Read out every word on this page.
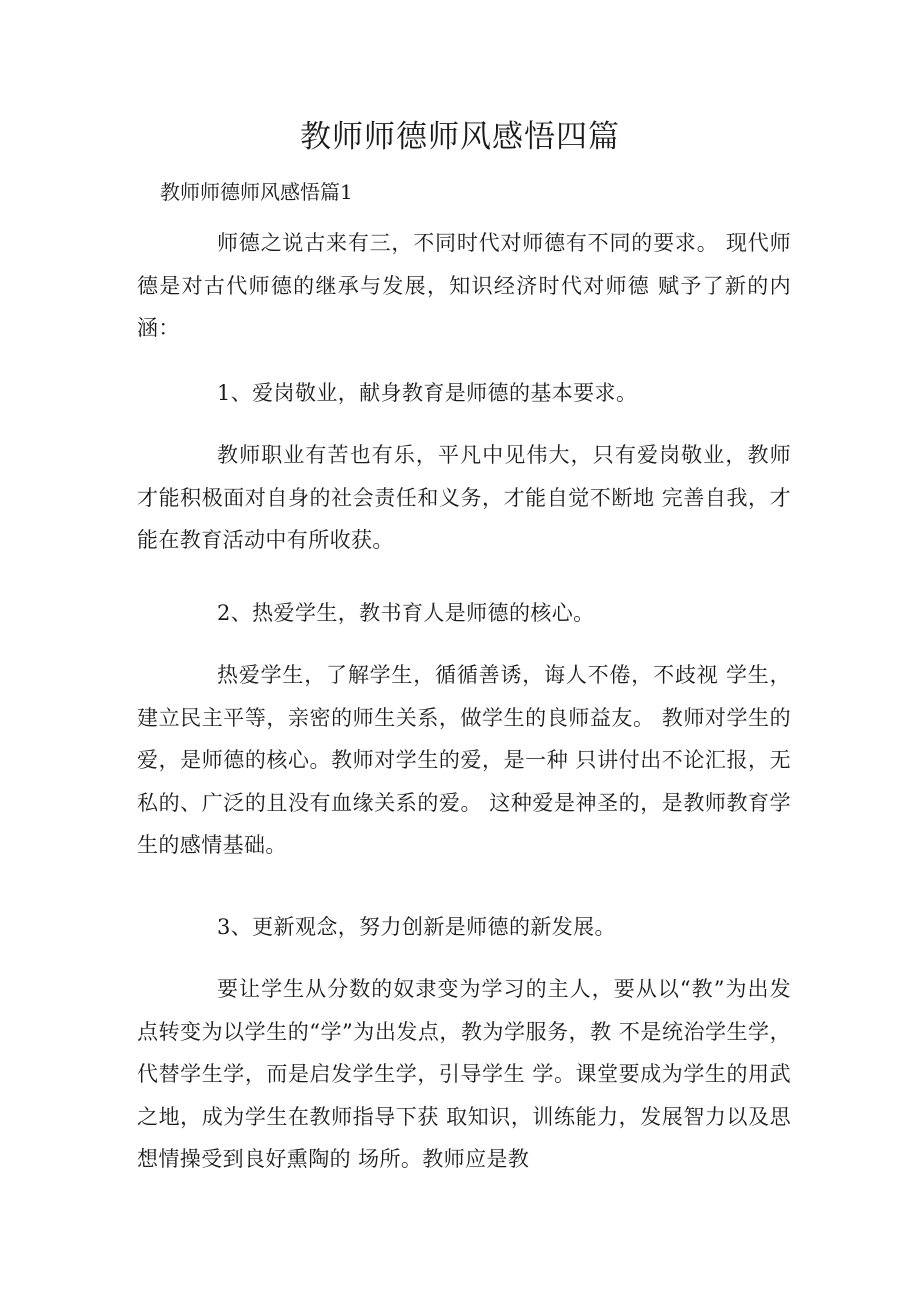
教师师德师风感悟四篇

教师师德师风感悟篇1

师德之说古来有三，不同时代对师德有不同的要求。 现代师德是对古代师德的继承与发展，知识经济时代对师德 赋予了新的内涵：

1、爱岗敬业，献身教育是师德的基本要求。

教师职业有苦也有乐，平凡中见伟大，只有爱岗敬业，教师才能积极面对自身的社会责任和义务，才能自觉不断地 完善自我，才能在教育活动中有所收获。

2、热爱学生，教书育人是师德的核心。

热爱学生，了解学生，循循善诱，诲人不倦，不歧视 学生，建立民主平等，亲密的师生关系，做学生的良师益友。 教师对学生的爱，是师德的核心。教师对学生的爱，是一种 只讲付出不论汇报，无私的、广泛的且没有血缘关系的爱。 这种爱是神圣的，是教师教育学生的感情基础。

3、更新观念，努力创新是师德的新发展。

要让学生从分数的奴隶变为学习的主人，要从以“教”为出发点转变为以学生的“学”为出发点，教为学服务，教 不是统治学生学，代替学生学，而是启发学生学，引导学生 学。课堂要成为学生的用武之地，成为学生在教师指导下获 取知识，训练能力，发展智力以及思想情操受到良好熏陶的 场所。教师应是教
